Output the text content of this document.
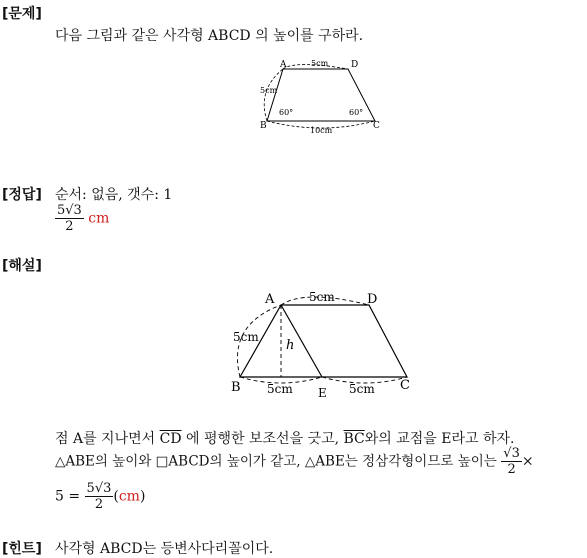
[문제]
다음 그림과 같은 사각형 ABCD 의 높이를 구하라.
A	D
B	C
5cm
5cm
10cm
60°	60°
[정답] 순서: 없음, 갯수: 1
$\frac{5√3}{2}$ cm
[해설]
A	D
B	C
E
h
5cm
5cm
5cm	5cm
점 A를 지나면서 $\overline{CD}$ 에 평행한 보조선을 긋고, $\overline{BC}$와의 교점을 E라고 하자.
△ABE의 높이와 □ABCD의 높이가 같고, △ABE는 정삼각형이므로 높이는 $\frac{√3}{2}$ ×
$5 = \frac{5√3}{2} (cm)$
[힌트] 사각형 ABCD는 등변사다리꼴이다.
